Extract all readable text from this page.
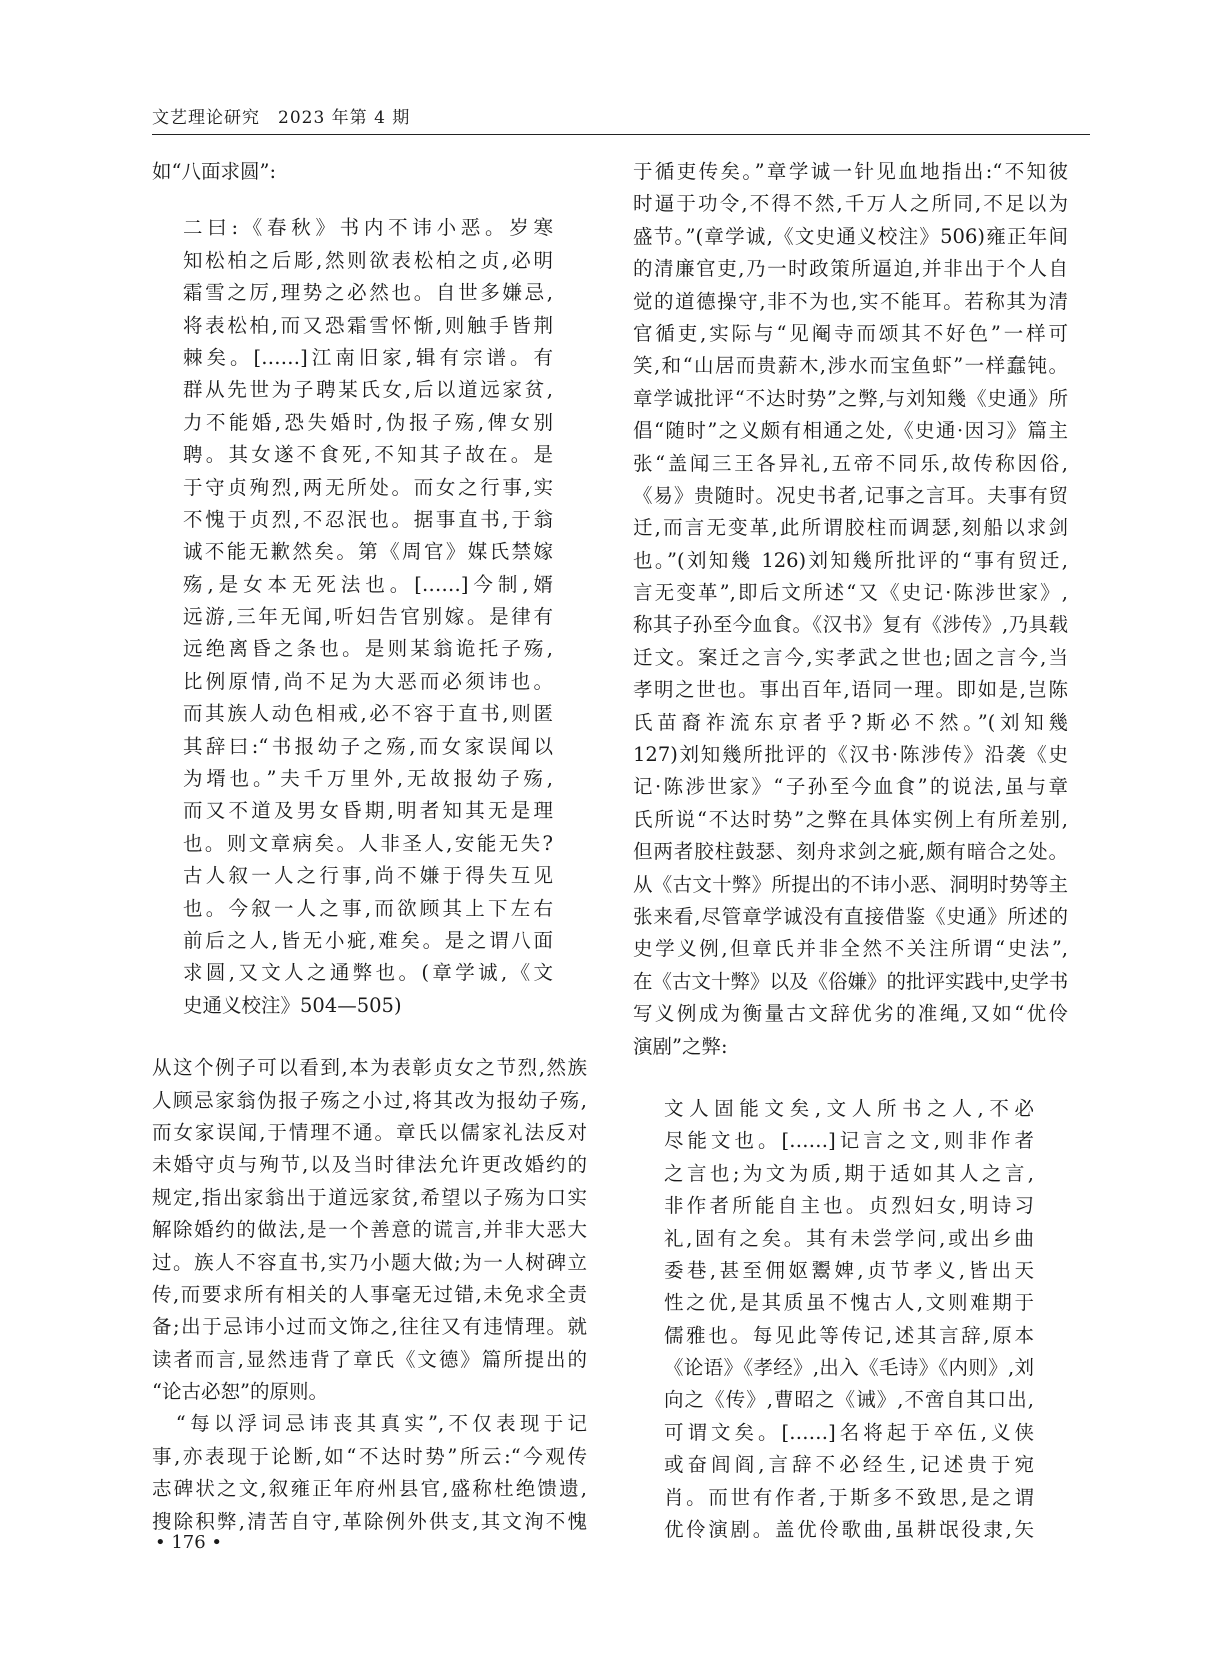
文艺理论研究　2023 年第 4 期
如“八面求圆”:
二曰:《春秋》书内不讳小恶。岁寒
知松柏之后彫,然则欲表松柏之贞,必明
霜雪之厉,理势之必然也。自世多嫌忌,
将表松柏,而又恐霜雪怀惭,则触手皆荆
棘矣。[……]江南旧家,辑有宗谱。有
群从先世为子聘某氏女,后以道远家贫,
力不能婚,恐失婚时,伪报子殇,俾女别
聘。其女遂不食死,不知其子故在。是
于守贞殉烈,两无所处。而女之行事,实
不愧于贞烈,不忍泯也。据事直书,于翁
诚不能无歉然矣。第《周官》媒氏禁嫁
殇,是女本无死法也。[……]今制,婿
远游,三年无闻,听妇告官别嫁。是律有
远绝离昏之条也。是则某翁诡托子殇,
比例原情,尚不足为大恶而必须讳也。
而其族人动色相戒,必不容于直书,则匿
其辞曰:“书报幼子之殇,而女家误闻以
为壻也。”夫千万里外,无故报幼子殇,
而又不道及男女昏期,明者知其无是理
也。则文章病矣。人非圣人,安能无失?
古人叙一人之行事,尚不嫌于得失互见
也。今叙一人之事,而欲顾其上下左右
前后之人,皆无小疵,难矣。是之谓八面
求圆,又文人之通弊也。(章学诚,《文
史通义校注》504—505)
从这个例子可以看到,本为表彰贞女之节烈,然族
人顾忌家翁伪报子殇之小过,将其改为报幼子殇,
而女家误闻,于情理不通。章氏以儒家礼法反对
未婚守贞与殉节,以及当时律法允许更改婚约的
规定,指出家翁出于道远家贫,希望以子殇为口实
解除婚约的做法,是一个善意的谎言,并非大恶大
过。族人不容直书,实乃小题大做;为一人树碑立
传,而要求所有相关的人事毫无过错,未免求全责
备;出于忌讳小过而文饰之,往往又有违情理。就
读者而言,显然违背了章氏《文德》篇所提出的
“论古必恕”的原则。
　“每以浮词忌讳丧其真实”,不仅表现于记
事,亦表现于论断,如“不达时势”所云:“今观传
志碑状之文,叙雍正年府州县官,盛称杜绝馈遗,
搜除积弊,清苦自守,革除例外供支,其文洵不愧
于循吏传矣。”章学诚一针见血地指出:“不知彼
时逼于功令,不得不然,千万人之所同,不足以为
盛节。”(章学诚,《文史通义校注》506)雍正年间
的清廉官吏,乃一时政策所逼迫,并非出于个人自
觉的道德操守,非不为也,实不能耳。若称其为清
官循吏,实际与“见阉寺而颂其不好色”一样可
笑,和“山居而贵薪木,涉水而宝鱼虾”一样蠢钝。
章学诚批评“不达时势”之弊,与刘知幾《史通》所
倡“随时”之义颇有相通之处,《史通·因习》篇主
张“盖闻三王各异礼,五帝不同乐,故传称因俗,
《易》贵随时。况史书者,记事之言耳。夫事有贸
迁,而言无变革,此所谓胶柱而调瑟,刻船以求剑
也。”(刘知幾 126)刘知幾所批评的“事有贸迁,
言无变革”,即后文所述“又《史记·陈涉世家》,
称其子孙至今血食。《汉书》复有《涉传》,乃具载
迁文。案迁之言今,实孝武之世也;固之言今,当
孝明之世也。事出百年,语同一理。即如是,岂陈
氏苗裔祚流东京者乎?斯必不然。”(刘知幾
127)刘知幾所批评的《汉书·陈涉传》沿袭《史
记·陈涉世家》“子孙至今血食”的说法,虽与章
氏所说“不达时势”之弊在具体实例上有所差别,
但两者胶柱鼓瑟、刻舟求剑之疵,颇有暗合之处。
从《古文十弊》所提出的不讳小恶、洞明时势等主
张来看,尽管章学诚没有直接借鉴《史通》所述的
史学义例,但章氏并非全然不关注所谓“史法”,
在《古文十弊》以及《俗嫌》的批评实践中,史学书
写义例成为衡量古文辞优劣的准绳,又如“优伶
演剧”之弊:
文人固能文矣,文人所书之人,不必
尽能文也。[……]记言之文,则非作者
之言也;为文为质,期于适如其人之言,
非作者所能自主也。贞烈妇女,明诗习
礼,固有之矣。其有未尝学问,或出乡曲
委巷,甚至佣妪鬻婢,贞节孝义,皆出天
性之优,是其质虽不愧古人,文则难期于
儒雅也。每见此等传记,述其言辞,原本
《论语》《孝经》,出入《毛诗》《内则》,刘
向之《传》,曹昭之《诫》,不啻自其口出,
可谓文矣。[……]名将起于卒伍,义侠
或奋闾阎,言辞不必经生,记述贵于宛
肖。而世有作者,于斯多不致思,是之谓
优伶演剧。盖优伶歌曲,虽耕氓役隶,矢
• 176 •
